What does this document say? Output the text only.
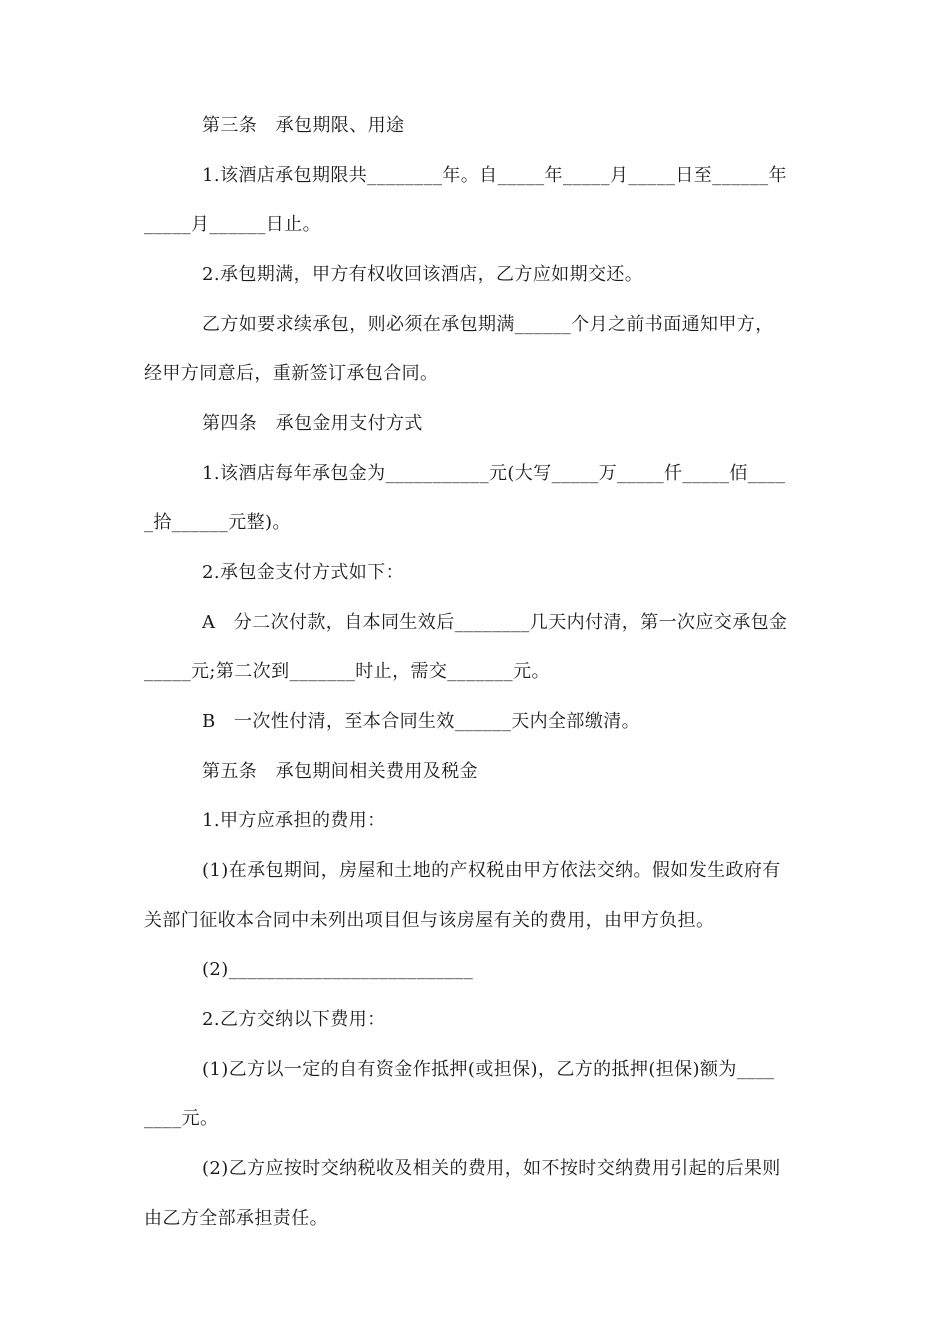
第三条　承包期限、用途
1.该酒店承包期限共________年。自_____年_____月_____日至______年
_____月______日止。
2.承包期满，甲方有权收回该酒店，乙方应如期交还。
乙方如要求续承包，则必须在承包期满______个月之前书面通知甲方，
经甲方同意后，重新签订承包合同。
第四条　承包金用支付方式
1.该酒店每年承包金为___________元(大写_____万_____仟_____佰____
_拾______元整)。
2.承包金支付方式如下：
A　分二次付款，自本同生效后________几天内付清，第一次应交承包金
_____元;第二次到_______时止，需交_______元。
B　一次性付清，至本合同生效______天内全部缴清。
第五条　承包期间相关费用及税金
1.甲方应承担的费用：
(1)在承包期间，房屋和土地的产权税由甲方依法交纳。假如发生政府有
关部门征收本合同中未列出项目但与该房屋有关的费用，由甲方负担。
(2)__________________________
2.乙方交纳以下费用：
(1)乙方以一定的自有资金作抵押(或担保)，乙方的抵押(担保)额为____
____元。
(2)乙方应按时交纳税收及相关的费用，如不按时交纳费用引起的后果则
由乙方全部承担责任。
